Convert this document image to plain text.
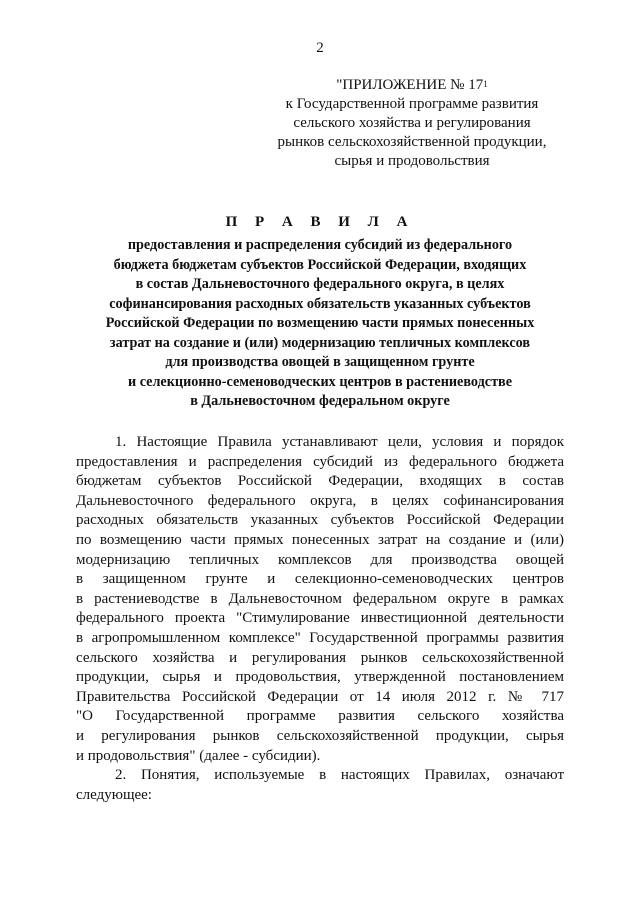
2
"ПРИЛОЖЕНИЕ № $17^1$
к Государственной программе развития
сельского хозяйства и регулирования
рынков сельскохозяйственной продукции,
сырья и продовольствия
П Р А В И Л А
предоставления и распределения субсидий из федерального
бюджета бюджетам субъектов Российской Федерации, входящих
в состав Дальневосточного федерального округа, в целях
софинансирования расходных обязательств указанных субъектов
Российской Федерации по возмещению части прямых понесенных
затрат на создание и (или) модернизацию тепличных комплексов
для производства овощей в защищенном грунте
и селекционно-семеноводческих центров в растениеводстве
в Дальневосточном федеральном округе
1. Настоящие Правила устанавливают цели, условия и порядок
предоставления и распределения субсидий из федерального бюджета
бюджетам субъектов Российской Федерации, входящих в состав
Дальневосточного федерального округа, в целях софинансирования
расходных обязательств указанных субъектов Российской Федерации
по возмещению части прямых понесенных затрат на создание и (или)
модернизацию тепличных комплексов для производства овощей
в защищенном грунте и селекционно-семеноводческих центров
в растениеводстве в Дальневосточном федеральном округе в рамках
федерального проекта "Стимулирование инвестиционной деятельности
в агропромышленном комплексе" Государственной программы развития
сельского хозяйства и регулирования рынков сельскохозяйственной
продукции, сырья и продовольствия, утвержденной постановлением
Правительства Российской Федерации от 14 июля 2012 г. № 717
"О Государственной программе развития сельского хозяйства
и регулирования рынков сельскохозяйственной продукции, сырья
и продовольствия" (далее - субсидии).
2. Понятия, используемые в настоящих Правилах, означают
следующее:
